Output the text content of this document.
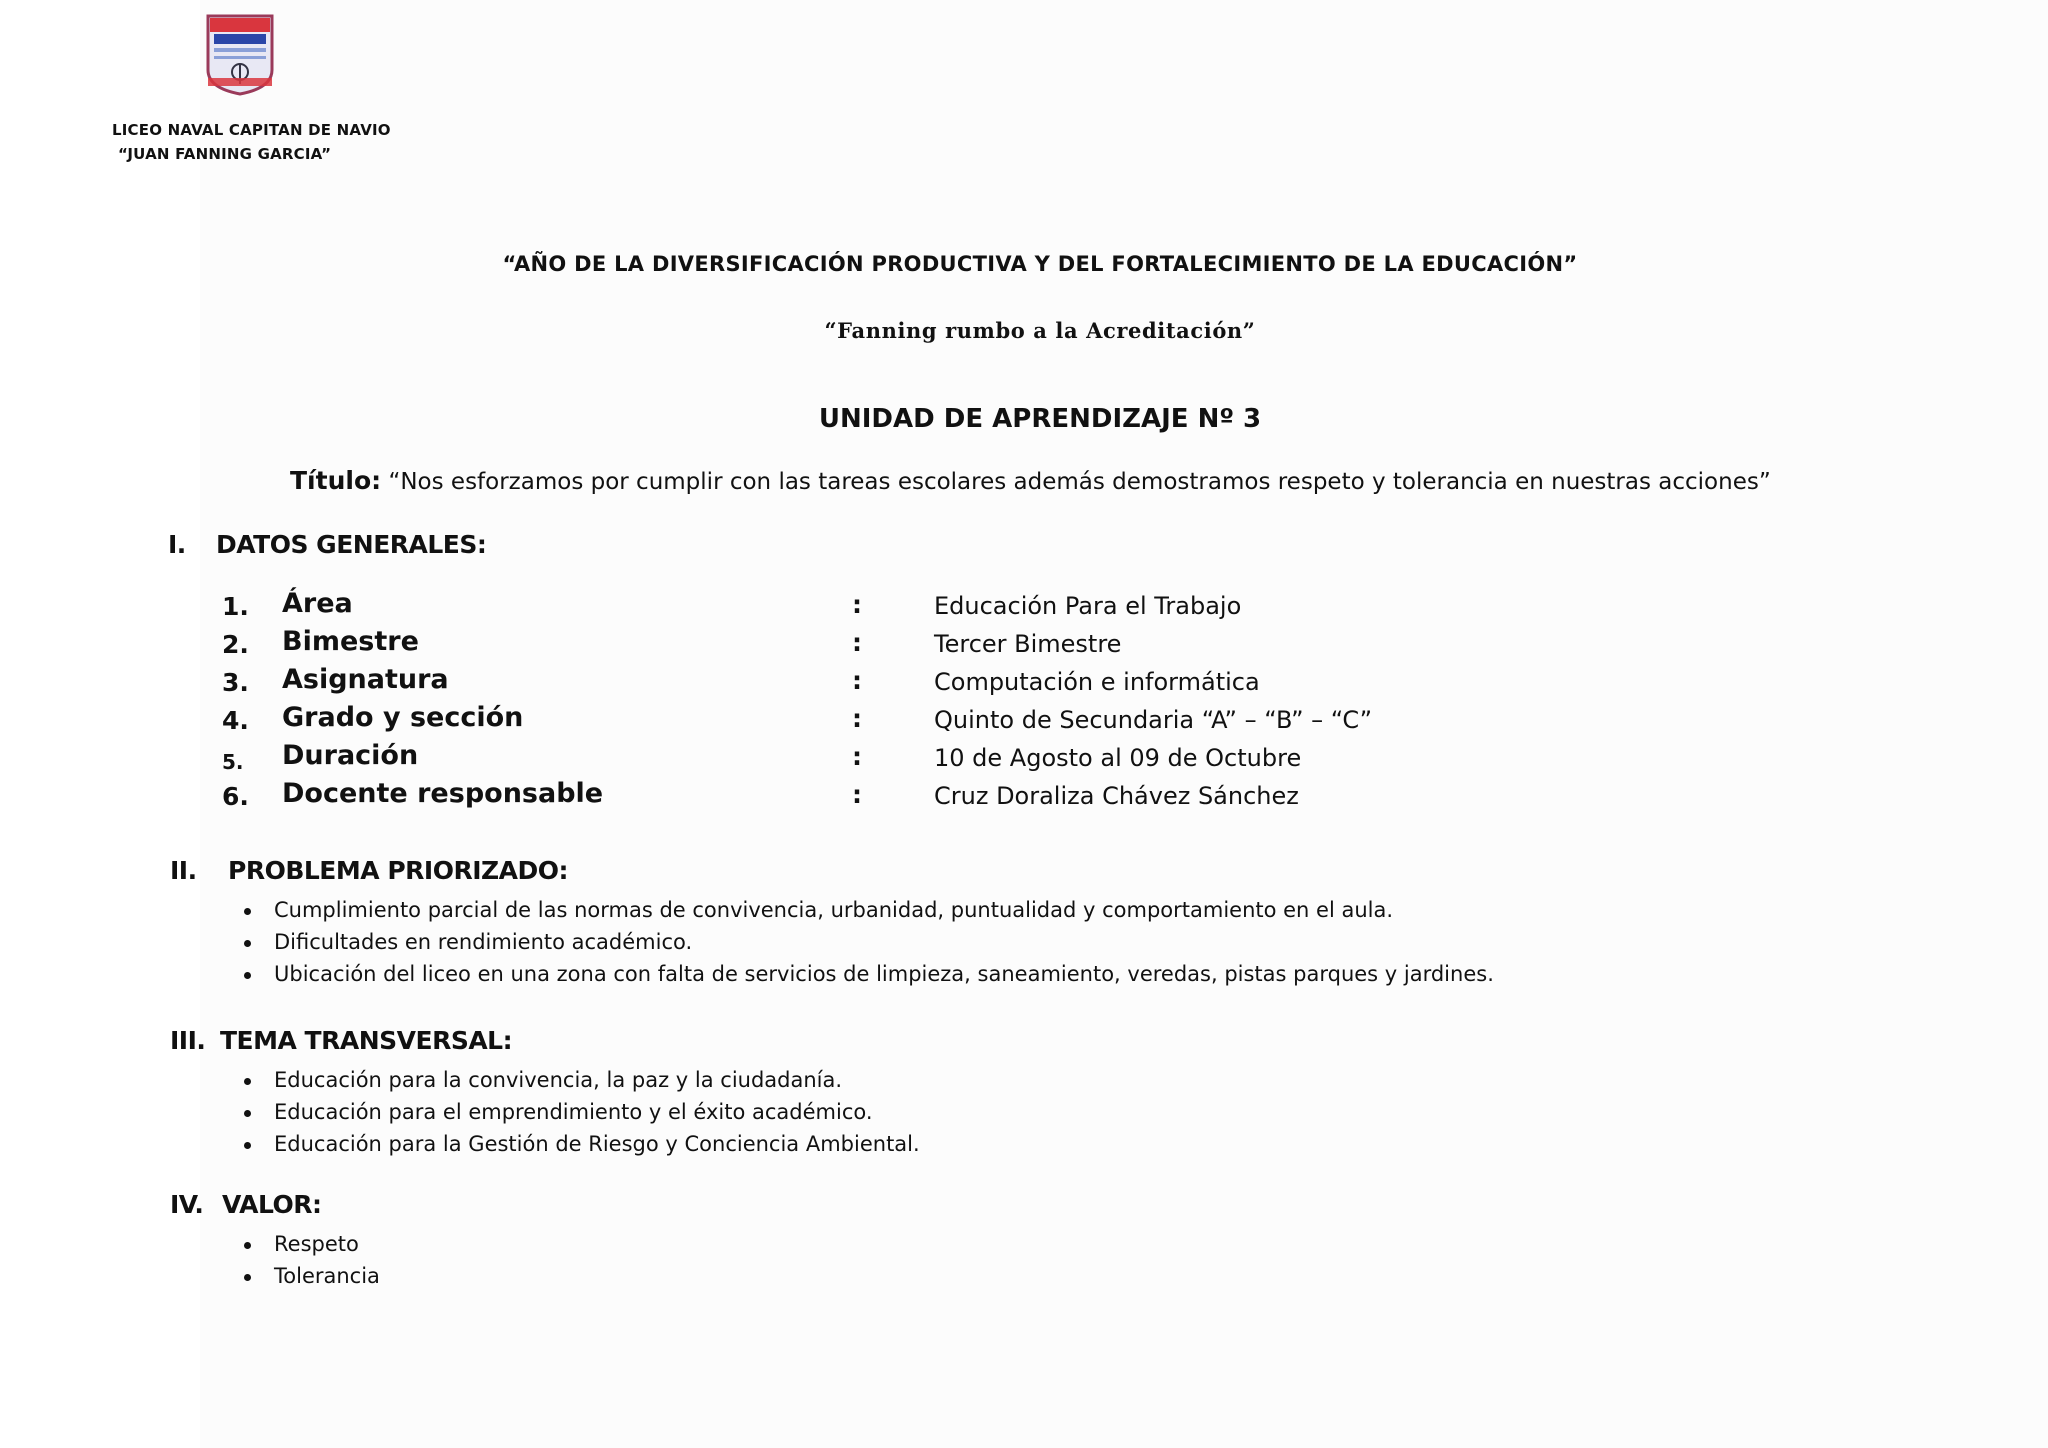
LICEO NAVAL CAPITAN DE NAVIO
“JUAN FANNING GARCIA”
“AÑO DE LA DIVERSIFICACIÓN PRODUCTIVA Y DEL FORTALECIMIENTO DE LA EDUCACIÓN”
“Fanning rumbo a la Acreditación”
UNIDAD DE APRENDIZAJE Nº 3
Título: “Nos esforzamos por cumplir con las tareas escolares además demostramos respeto y tolerancia en nuestras acciones”
I. DATOS GENERALES:
1. Área	:	Educación Para el Trabajo
2. Bimestre	:	Tercer Bimestre
3. Asignatura	:	Computación e informática
4. Grado y sección	:	Quinto de Secundaria “A” – “B” – “C”
5. Duración	:	10 de Agosto al 09 de Octubre
6. Docente responsable	:	Cruz Doraliza Chávez Sánchez
II. PROBLEMA PRIORIZADO:
Cumplimiento parcial de las normas de convivencia, urbanidad, puntualidad y comportamiento en el aula.
Dificultades en rendimiento académico.
Ubicación del liceo en una zona con falta de servicios de limpieza, saneamiento, veredas, pistas parques y jardines.
III. TEMA TRANSVERSAL:
Educación para la convivencia, la paz y la ciudadanía.
Educación para el emprendimiento y el éxito académico.
Educación para la Gestión de Riesgo y Conciencia Ambiental.
IV. VALOR:
Respeto
Tolerancia
